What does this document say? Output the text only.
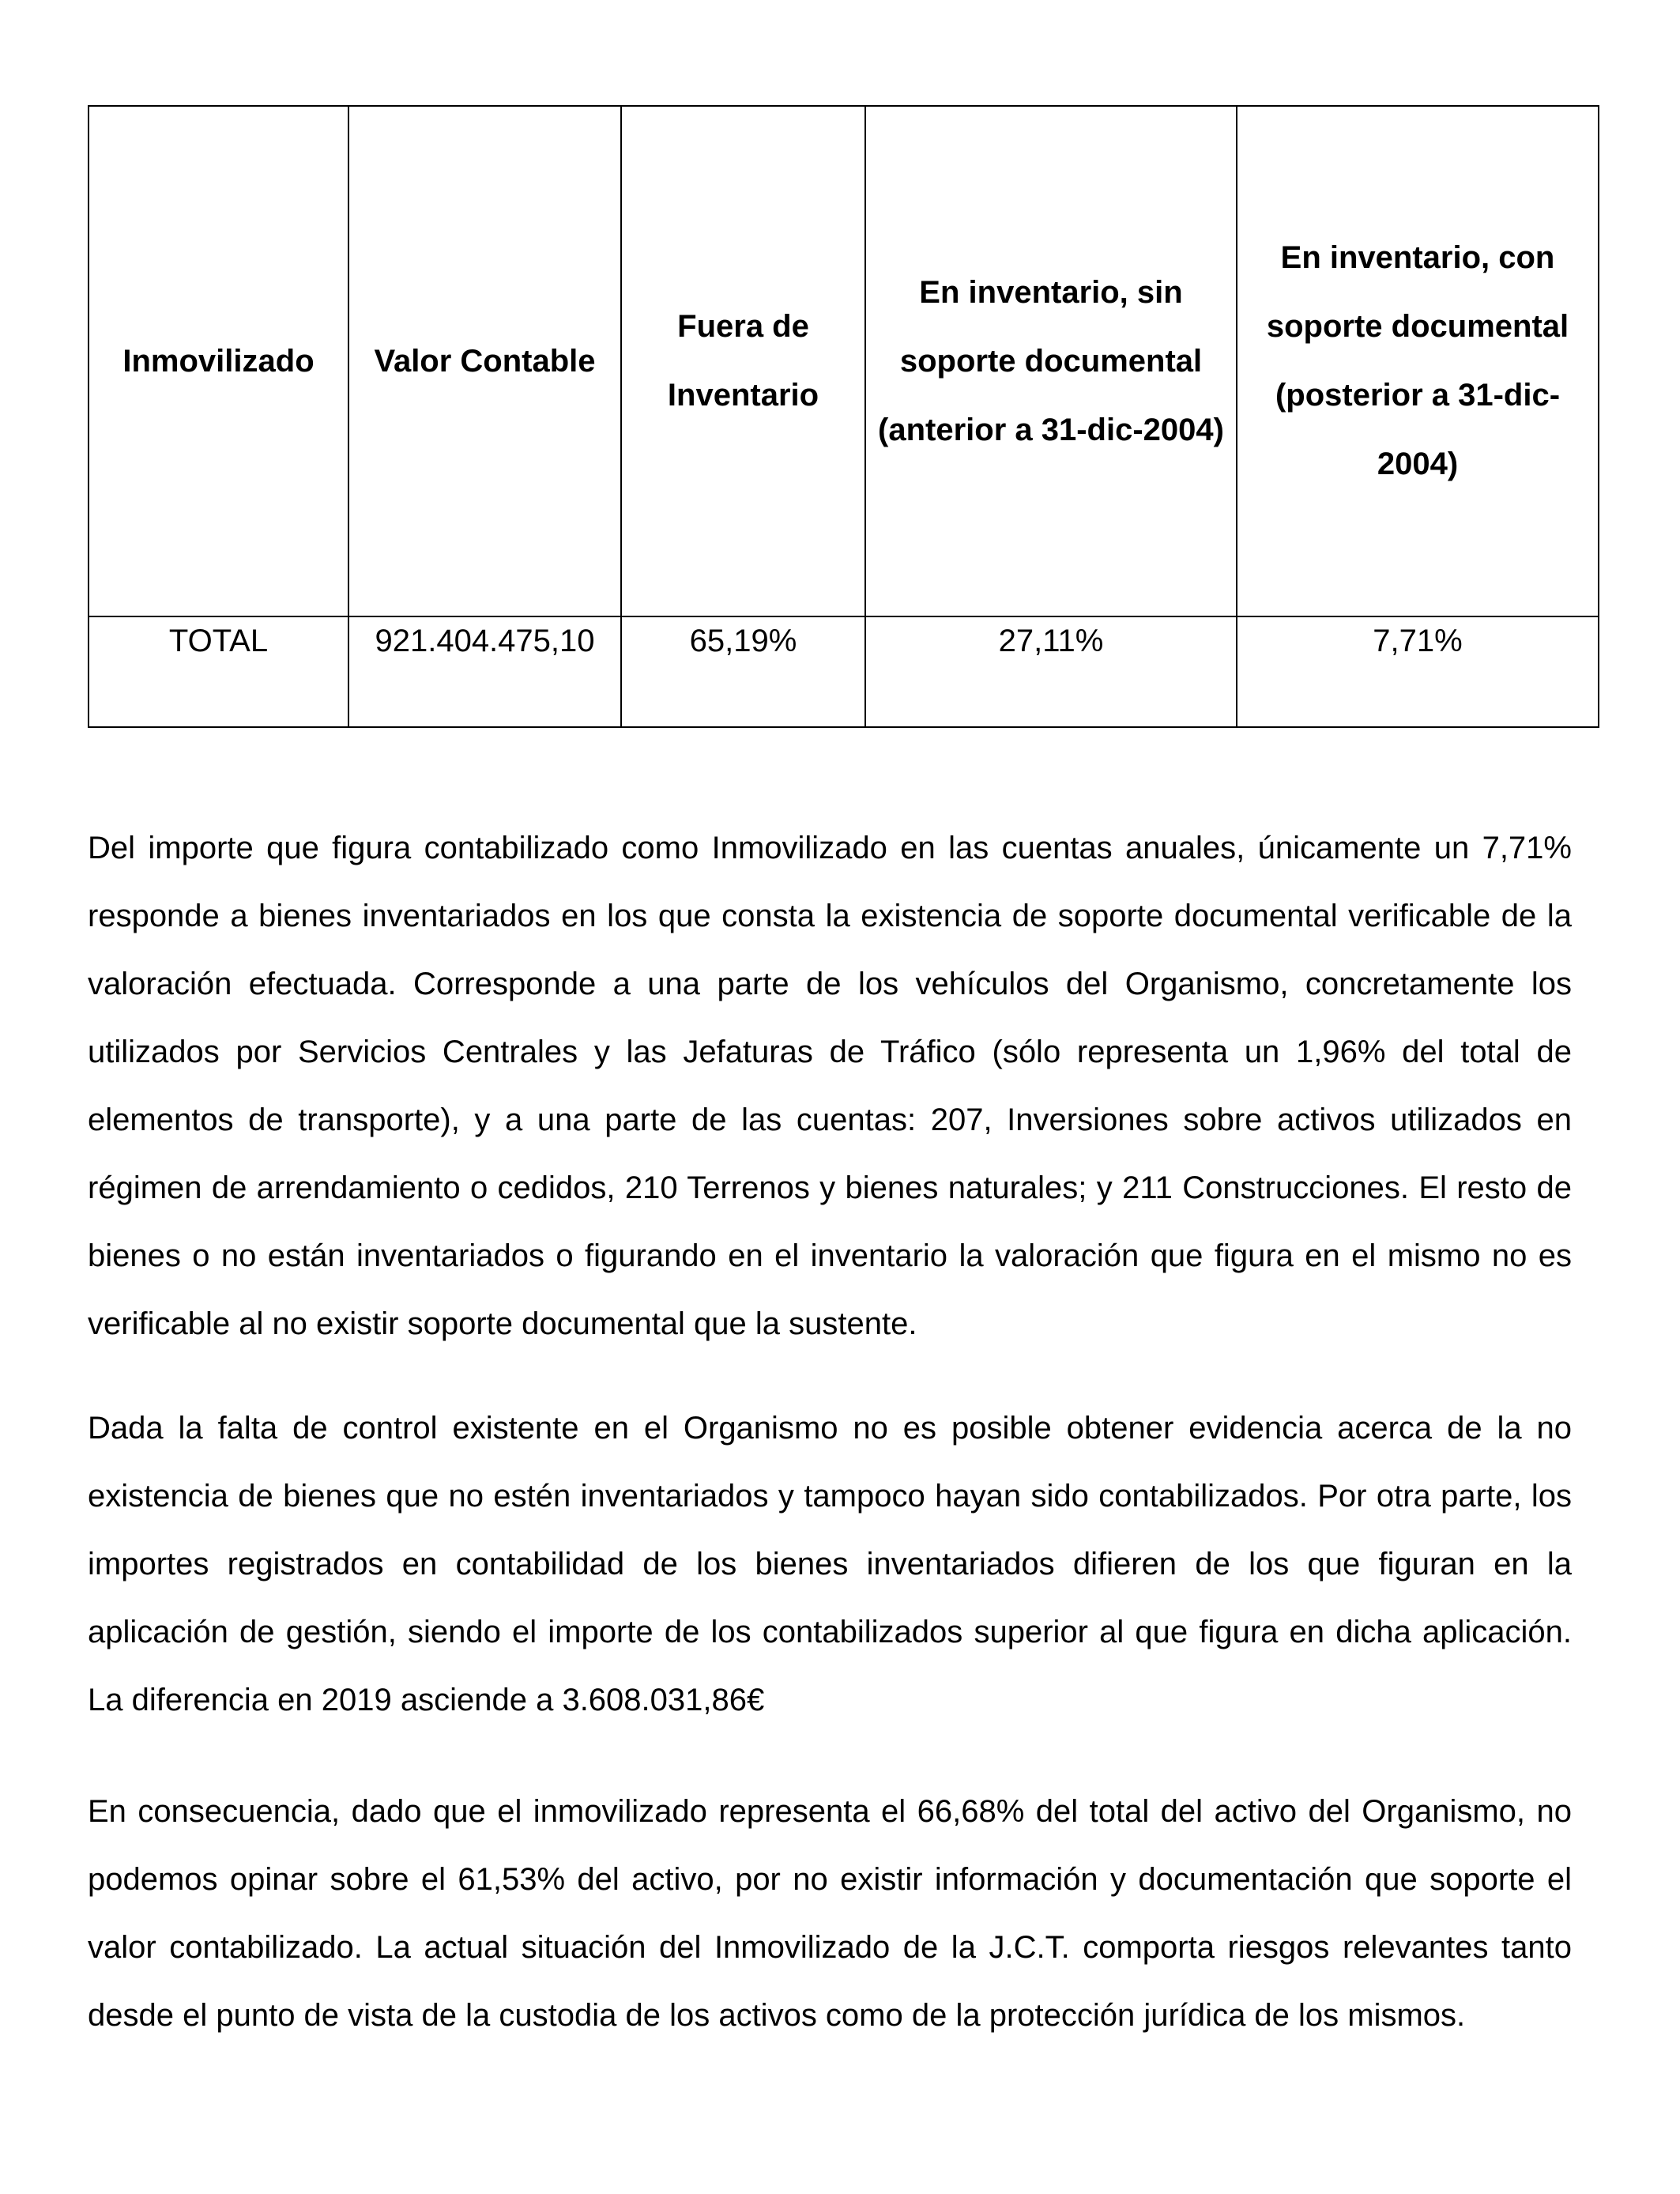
Inmovilizado	Valor Contable	Fuera de Inventario	En inventario, sin soporte documental (anterior a 31-dic-2004)	En inventario, con soporte documental (posterior a 31-dic-2004)
TOTAL	921.404.475,10	65,19%	27,11%	7,71%

Del importe que figura contabilizado como Inmovilizado en las cuentas anuales, únicamente un 7,71% responde a bienes inventariados en los que consta la existencia de soporte documental verificable de la valoración efectuada. Corresponde a una parte de los vehículos del Organismo, concretamente los utilizados por Servicios Centrales y las Jefaturas de Tráfico (sólo representa un 1,96% del total de elementos de transporte), y a una parte de las cuentas: 207, Inversiones sobre activos utilizados en régimen de arrendamiento o cedidos, 210 Terrenos y bienes naturales; y 211 Construcciones. El resto de bienes o no están inventariados o figurando en el inventario la valoración que figura en el mismo no es verificable al no existir soporte documental que la sustente.

Dada la falta de control existente en el Organismo no es posible obtener evidencia acerca de la no existencia de bienes que no estén inventariados y tampoco hayan sido contabilizados. Por otra parte, los importes registrados en contabilidad de los bienes inventariados difieren de los que figuran en la aplicación de gestión, siendo el importe de los contabilizados superior al que figura en dicha aplicación. La diferencia en 2019 asciende a 3.608.031,86€

En consecuencia, dado que el inmovilizado representa el 66,68% del total del activo del Organismo, no podemos opinar sobre el 61,53% del activo, por no existir información y documentación que soporte el valor contabilizado. La actual situación del Inmovilizado de la J.C.T. comporta riesgos relevantes tanto desde el punto de vista de la custodia de los activos como de la protección jurídica de los mismos.
